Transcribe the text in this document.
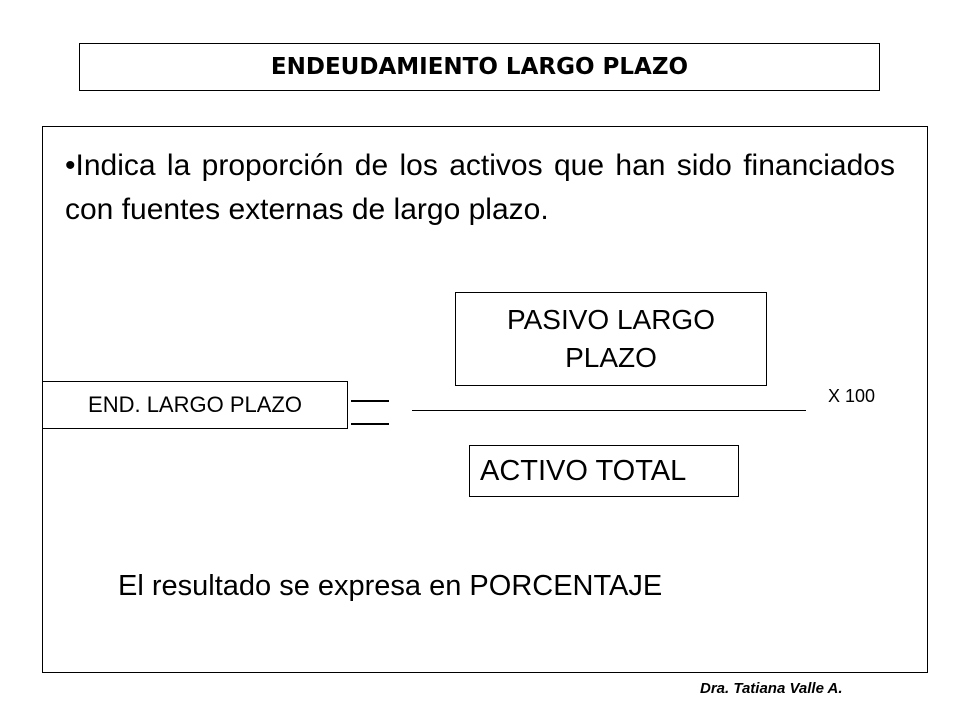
ENDEUDAMIENTO LARGO PLAZO
•Indica la proporción de los activos que han sido financiados con fuentes externas de largo plazo.
PASIVO LARGO PLAZO
END. LARGO PLAZO	X 100
ACTIVO TOTAL
El resultado se expresa en PORCENTAJE
Dra. Tatiana Valle A.
